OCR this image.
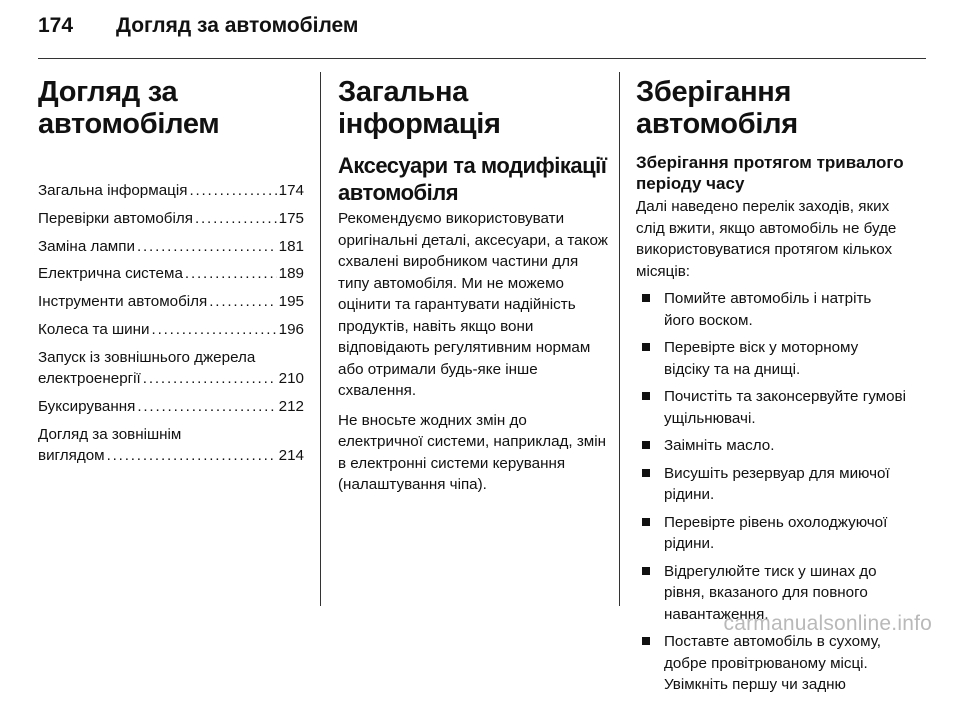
174 Догляд за автомобілем
Догляд за автомобілем
Загальна інформація . . .	174
Перевірки автомобіля . . .	175
Заміна лампи . . .	181
Електрична система . . .	189
Інструменти автомобіля . . .	195
Колеса та шини . . .	196
Запуск із зовнішнього джерела
електроенергії . . .	210
Буксирування . . .	212
Догляд за зовнішнім
виглядом . . .	214
Загальна інформація
Аксесуари та модифікації автомобіля

Рекомендуємо використовувати оригінальні деталі, аксесуари, а також схвалені виробником частини для типу автомобіля. Ми не можемо оцінити та гарантувати надійність продуктів, навіть якщо вони відповідають регулятивним нормам або отримали будь-яке інше схвалення.

Не вносьте жодних змін до електричної системи, наприклад, змін в електронні системи керування (налаштування чіпа).

Зберігання автомобіля
Зберігання протягом тривалого періоду часу

Далі наведено перелік заходів, яких слід вжити, якщо автомобіль не буде використовуватися протягом кількох місяців:

Помийте автомобіль і натріть його воском.
Перевірте віск у моторному відсіку та на днищі.
Почистіть та законсервуйте гумові ущільнювачі.
Заімніть масло.
Висушіть резервуар для миючої рідини.
Перевірте рівень охолоджуючої рідини.
Відрегулюйте тиск у шинах до рівня, вказаного для повного навантаження.
Поставте автомобіль в сухому, добре провітрюваному місці. Увімкніть першу чи задню
carmanualsonline.info
